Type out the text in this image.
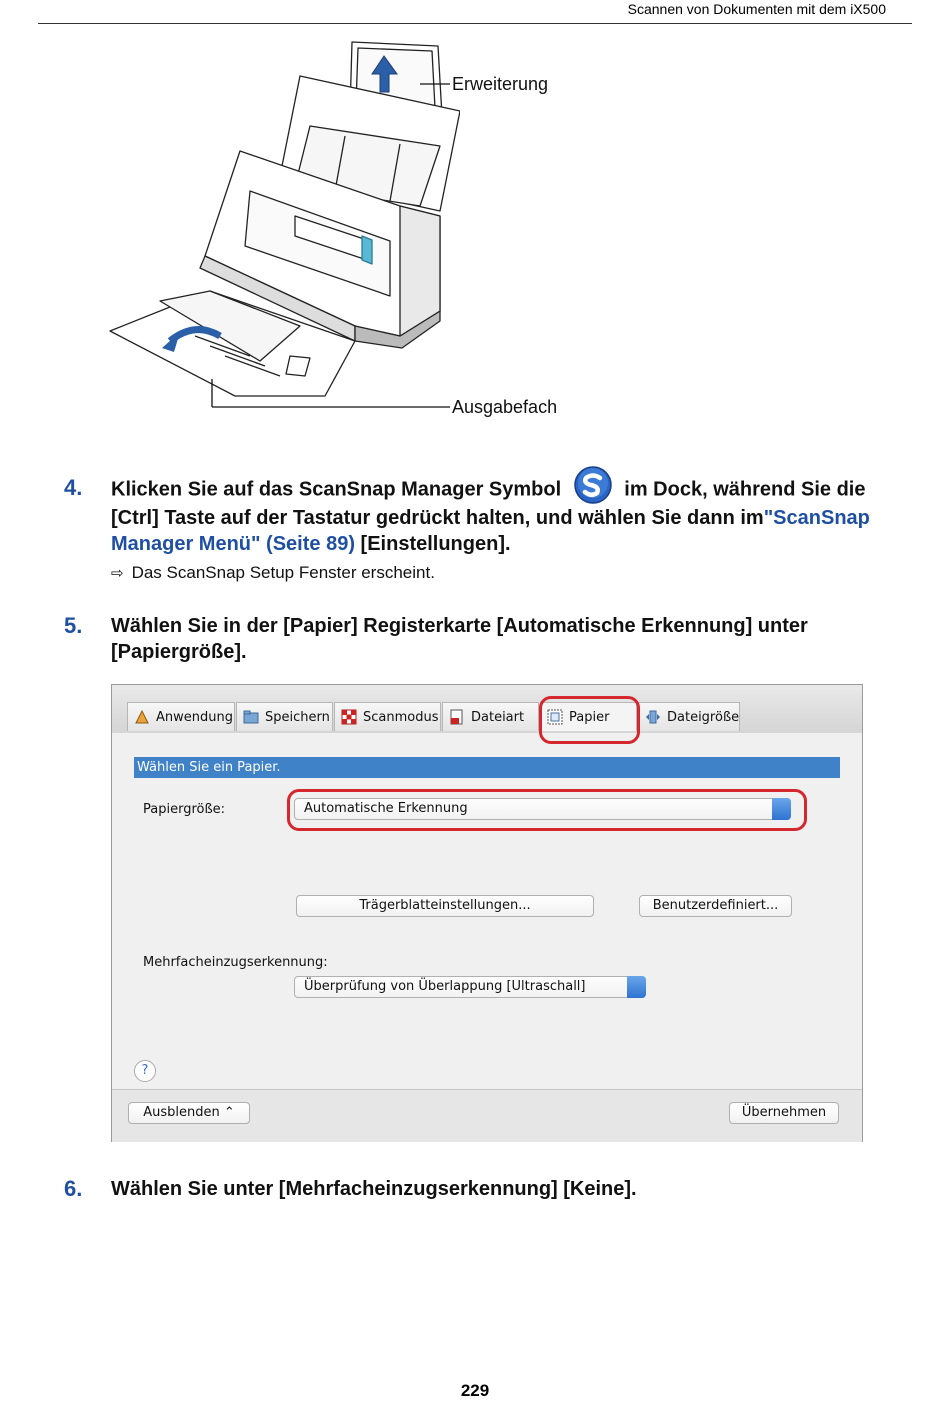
Scannen von Dokumenten mit dem iX500
Erweiterung
Ausgabefach
4. Klicken Sie auf das ScanSnap Manager Symbol	im Dock, während Sie die [Ctrl] Taste auf der Tastatur gedrückt halten, und wählen Sie dann im"ScanSnap Manager Menü" (Seite 89) [Einstellungen].
⇨ Das ScanSnap Setup Fenster erscheint.
5. Wählen Sie in der [Papier] Registerkarte [Automatische Erkennung] unter [Papiergröße].
Anwendung Speichern	Scanmodus	Dateiart	Papier	Dateigröße
Wählen Sie ein Papier.
Papiergröße:	Automatische Erkennung
Trägerblatteinstellungen...	Benutzerdefiniert...
Mehrfacheinzugserkennung:
Überprüfung von Überlappung [Ultraschall]
?
Ausblenden ⌃	Übernehmen
6. Wählen Sie unter [Mehrfacheinzugserkennung] [Keine].
229
